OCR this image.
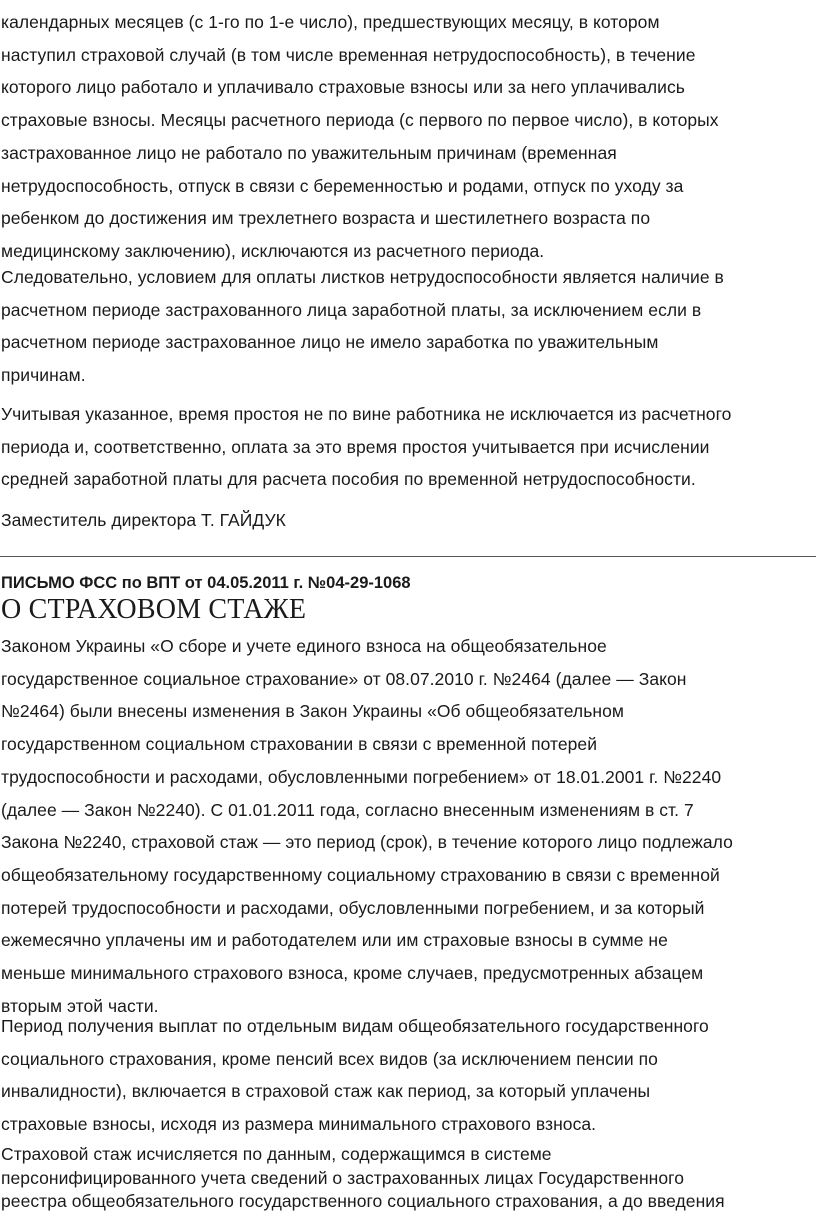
календарных месяцев (с 1-го по 1-е число), предшествующих месяцу, в котором
наступил страховой случай (в том числе временная нетрудоспособность), в течение
которого лицо работало и уплачивало страховые взносы или за него уплачивались
страховые взносы. Месяцы расчетного периода (с первого по первое число), в которых
застрахованное лицо не работало по уважительным причинам (временная
нетрудоспособность, отпуск в связи с беременностью и родами, отпуск по уходу за
ребенком до достижения им трехлетнего возраста и шестилетнего возраста по
медицинскому заключению), исключаются из расчетного периода.

Следовательно, условием для оплаты листков нетрудоспособности является наличие в
расчетном периоде застрахованного лица заработной платы, за исключением если в
расчетном периоде застрахованное лицо не имело заработка по уважительным
причинам.

Учитывая указанное, время простоя не по вине работника не исключается из расчетного
периода и, соответственно, оплата за это время простоя учитывается при исчислении
средней заработной платы для расчета пособия по временной нетрудоспособности.

Заместитель директора Т. ГАЙДУК

ПИСЬМО ФСС по ВПТ от 04.05.2011 г. №04-29-1068

О СТРАХОВОМ СТАЖЕ

Законом Украины «О сборе и учете единого взноса на общеобязательное
государственное социальное страхование» от 08.07.2010 г. №2464 (далее — Закон
№2464) были внесены изменения в Закон Украины «Об общеобязательном
государственном социальном страховании в связи с временной потерей
трудоспособности и расходами, обусловленными погребением» от 18.01.2001 г. №2240
(далее — Закон №2240). С 01.01.2011 года, согласно внесенным изменениям в ст. 7
Закона №2240, страховой стаж — это период (срок), в течение которого лицо подлежало
общеобязательному государственному социальному страхованию в связи с временной
потерей трудоспособности и расходами, обусловленными погребением, и за который
ежемесячно уплачены им и работодателем или им страховые взносы в сумме не
меньше минимального страхового взноса, кроме случаев, предусмотренных абзацем
вторым этой части.

Период получения выплат по отдельным видам общеобязательного государственного
социального страхования, кроме пенсий всех видов (за исключением пенсии по
инвалидности), включается в страховой стаж как период, за который уплачены
страховые взносы, исходя из размера минимального страхового взноса.

Страховой стаж исчисляется по данным, содержащимся в системе
персонифицированного учета сведений о застрахованных лицах Государственного
реестра общеобязательного государственного социального страхования, а до введения
